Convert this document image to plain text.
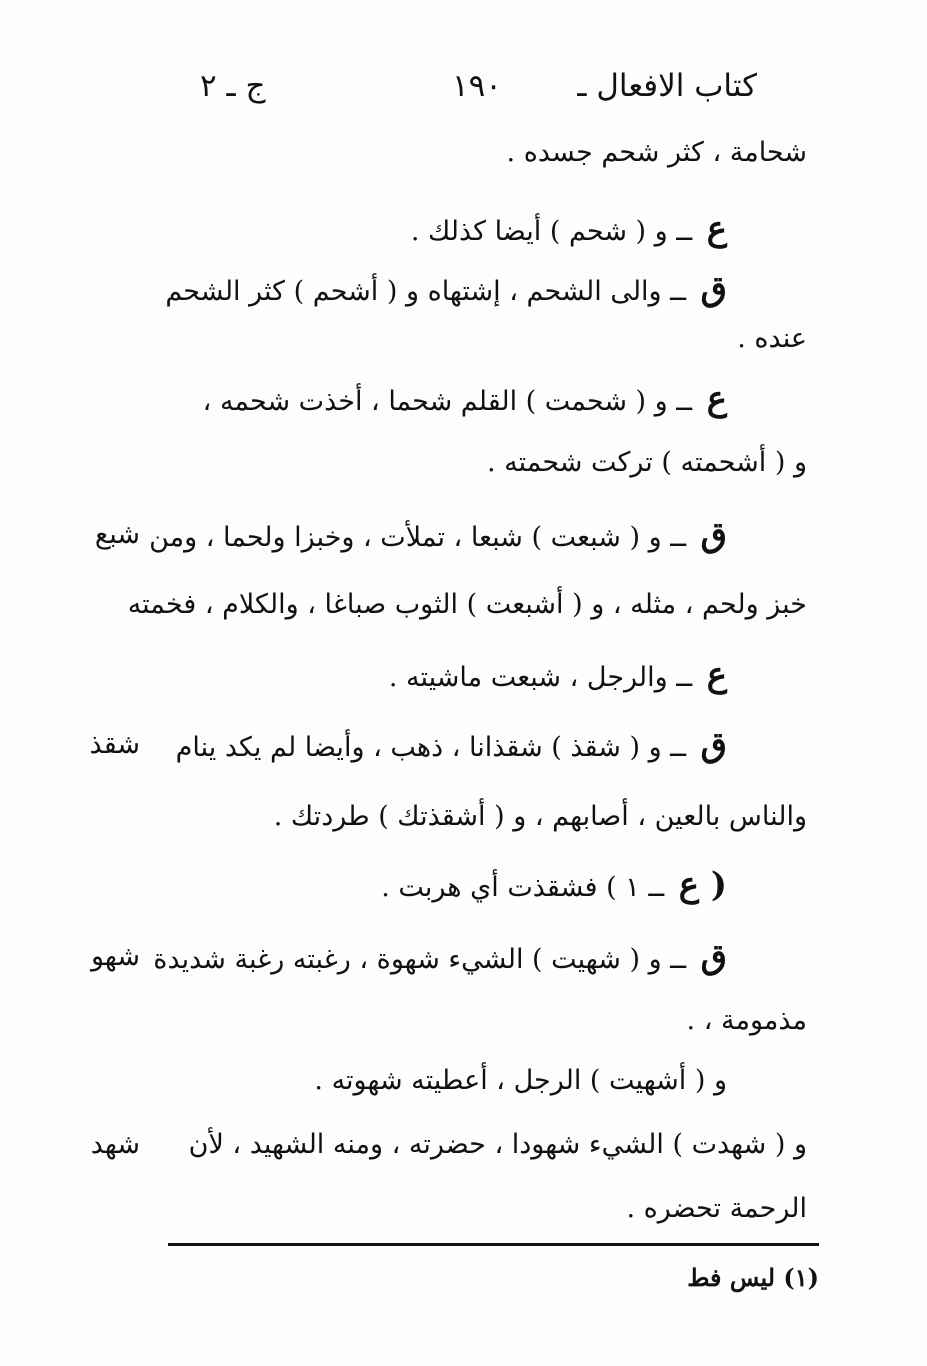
كتاب الافعال ـ
١٩٠
ج ـ ٢
شحامة ، كثر شحم جسده .
ع ــ و ( شحم ) أيضا كذلك .
ق ــ والى الشحم ، إشتهاه و ( أشحم ) كثر الشحم
عنده .
ع ــ و ( شحمت ) القلم شحما ، أخذت شحمه ،
و ( أشحمته ) تركت شحمته .
ق ــ و ( شبعت ) شبعا ، تملأت ، وخبزا ولحما ، ومن
خبز ولحم ، مثله ، و ( أشبعت ) الثوب صباغا ، والكلام ، فخمته
ع ــ والرجل ، شبعت ماشيته .
ق ــ و ( شقذ ) شقذانا ، ذهب ، وأيضا لم يكد ينام
والناس بالعين ، أصابهم ، و ( أشقذتك ) طردتك .
( ع ــ ١ ) فشقذت أي هربت .
ق ــ و ( شهيت ) الشيء شهوة ، رغبته رغبة شديدة
مذمومة ، .
و ( أشهيت ) الرجل ، أعطيته شهوته .
و ( شهدت ) الشيء شهودا ، حضرته ، ومنه الشهيد ، لأن
الرحمة تحضره .
شبع
شقذ
شهو
شهد
(١) ليس فط
